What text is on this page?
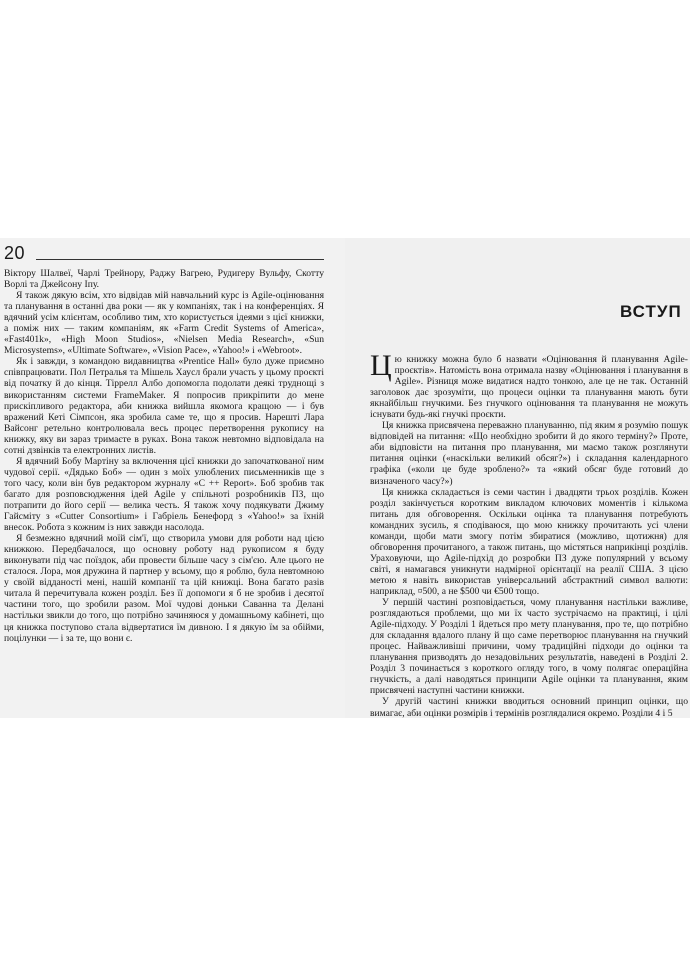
20

Віктору Шалвеї, Чарлі Трейнору, Раджу Вагрею, Рудигеру Вульфу, Скотту Ворлі та Джейсону Іпу.

Я також дякую всім, хто відвідав мій навчальний курс із Agile-оцінювання та планування в останні два роки — як у компаніях, так і на конференціях. Я вдячний усім клієнтам, особливо тим, хто користується ідеями з цієї книжки, а поміж них — таким компаніям, як «Farm Credit Systems of America», «Fast401k», «High Moon Studios», «Nielsen Media Research», «Sun Microsystems», «Ultimate Software», «Vision Pace», «Yahoo!» і «Webroot».

Як і завжди, з командою видавництва «Prentice Hall» було дуже приємно співпрацювати. Пол Петралья та Мішель Хаусл брали участь у цьому проєкті від початку й до кінця. Тіррелл Албо допомогла подолати деякі труднощі з використанням системи FrameMaker. Я попросив прикріпити до мене прискіпливого редактора, аби книжка вийшла якомога кращою — і був вражений Кеті Сімпсон, яка зробила саме те, що я просив. Нарешті Лара Вайсонг ретельно контролювала весь процес перетворення рукопису на книжку, яку ви зараз тримаєте в руках. Вона також невтомно відповідала на сотні дзвінків та електронних листів.

Я вдячний Бобу Мартіну за включення цієї книжки до започаткованої ним чудової серії. «Дядько Боб» — один з моїх улюблених письменників ще з того часу, коли він був редактором журналу «C ++ Report». Боб зробив так багато для розповсюдження ідей Agile у спільноті розробників ПЗ, що потрапити до його серії — велика честь. Я також хочу подякувати Джиму Гайсміту з «Cutter Consortium» і Габріель Бенефорд з «Yahoo!» за їхній внесок. Робота з кожним із них завжди насолода.

Я безмежно вдячний моїй сім'ї, що створила умови для роботи над цією книжкою. Передбачалося, що основну роботу над рукописом я буду виконувати під час поїздок, аби провести більше часу з сім'єю. Але цього не сталося. Лора, моя дружина й партнер у всьому, що я роблю, була невтомною у своїй відданості мені, нашій компанії та цій книжці. Вона багато разів читала й перечитувала кожен розділ. Без її допомоги я б не зробив і десятої частини того, що зробили разом. Мої чудові доньки Саванна та Делані настільки звикли до того, що потрібно зачиняюся у домашньому кабінеті, що ця книжка поступово стала відвертатися їм дивною. І я дякую їм за обійми, поцілунки — і за те, що вони є.

ВСТУП

Цю книжку можна було б назвати «Оцінювання й планування Agile-проєктів». Натомість вона отримала назву «Оцінювання і планування в Agile». Різниця може видатися надто тонкою, але це не так. Останній заголовок дає зрозуміти, що процеси оцінки та планування мають бути якнайбільш гнучкими. Без гнучкого оцінювання та планування не можуть існувати будь-які гнучкі проєкти.

Ця книжка присвячена переважно плануванню, під яким я розумію пошук відповідей на питання: «Що необхідно зробити й до якого терміну?» Проте, аби відповісти на питання про планування, ми маємо також розглянути питання оцінки («наскільки великий обсяг?») і складання календарного графіка («коли це буде зроблено?» та «який обсяг буде готовий до визначеного часу?»)

Ця книжка складається із семи частин і двадцяти трьох розділів. Кожен розділ закінчується коротким викладом ключових моментів і кількома питань для обговорення. Оскільки оцінка та планування потребують командних зусиль, я сподіваюся, що мою книжку прочитають усі члени команди, щоби мати змогу потім збиратися (можливо, щотижня) для обговорення прочитаного, а також питань, що містяться наприкінці розділів. Ураховуючи, що Agile-підхід до розробки ПЗ дуже популярний у всьому світі, я намагався уникнути надмірної орієнтації на реалії США. З цією метою я навіть використав універсальний абстрактний символ валюти: наприклад, ¤500, а не $500 чи €500 тощо.

У першій частині розповідається, чому планування настільки важливе, розглядаються проблеми, що ми їх часто зустрічаємо на практиці, і цілі Agile-підходу. У Розділі 1 йдеться про мету планування, про те, що потрібно для складання вдалого плану й що саме перетворює планування на гнучкий процес. Найважливіші причини, чому традиційні підходи до оцінки та планування призводять до незадовільних результатів, наведені в Розділі 2. Розділ 3 починається з короткого огляду того, в чому полягає операційна гнучкість, а далі наводяться принципи Agile оцінки та планування, яким присвячені наступні частини книжки.

У другій частині книжки вводиться основний принцип оцінки, що вимагає, аби оцінки розмірів і термінів розглядалися окремо. Розділи 4 і 5
